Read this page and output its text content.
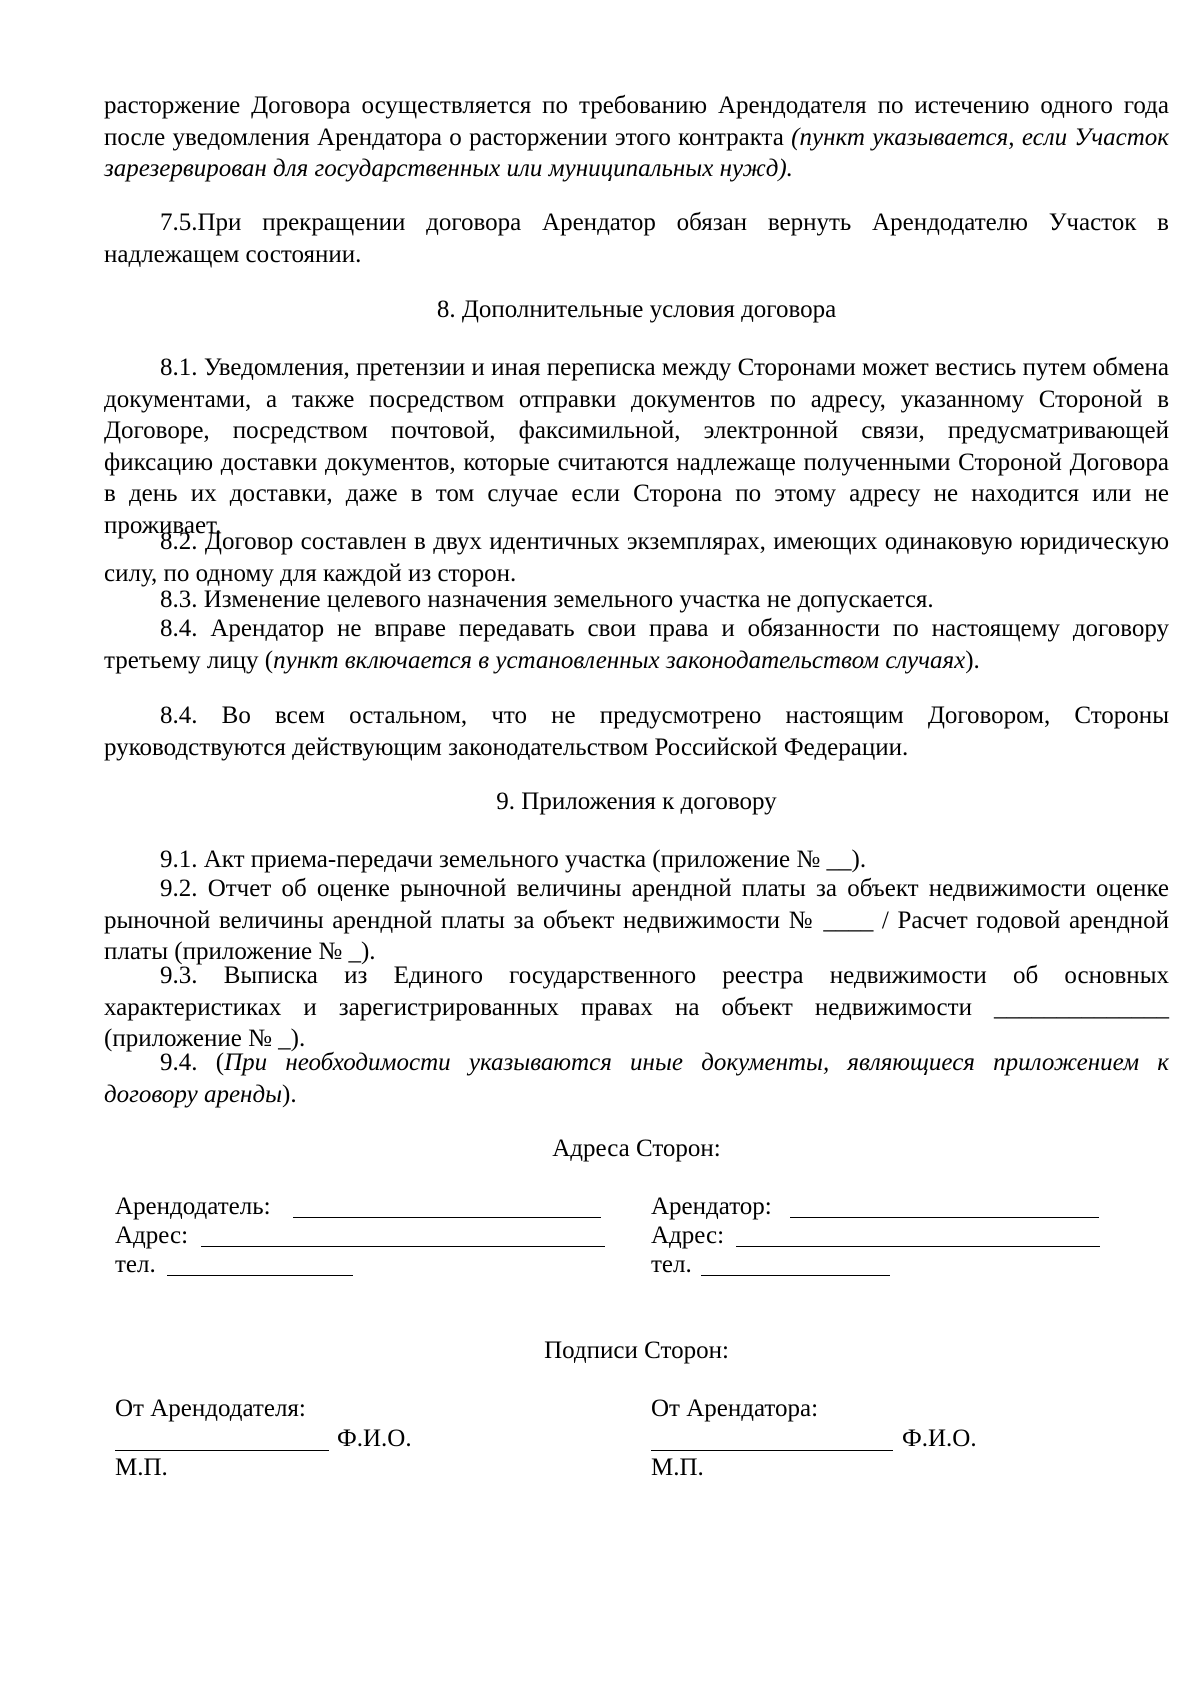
расторжение Договора осуществляется по требованию Арендодателя по истечению одного года после уведомления Арендатора о расторжении этого контракта (пункт указывается, если Участок зарезервирован для государственных или муниципальных нужд).

7.5.При прекращении договора Арендатор обязан вернуть Арендодателю Участок в надлежащем состоянии.

8. Дополнительные условия договора

8.1. Уведомления, претензии и иная переписка между Сторонами может вестись путем обмена документами, а также посредством отправки документов по адресу, указанному Стороной в Договоре, посредством почтовой, факсимильной, электронной связи, предусматривающей фиксацию доставки документов, которые считаются надлежаще полученными Стороной Договора в день их доставки, даже в том случае если Сторона по этому адресу не находится или не проживает.

8.2. Договор составлен в двух идентичных экземплярах, имеющих одинаковую юридическую силу, по одному для каждой из сторон.

8.3. Изменение целевого назначения земельного участка не допускается.

8.4. Арендатор не вправе передавать свои права и обязанности по настоящему договору третьему лицу (пункт включается в установленных законодательством случаях).

8.4. Во всем остальном, что не предусмотрено настоящим Договором, Стороны руководствуются действующим законодательством Российской Федерации.

9. Приложения к договору

9.1. Акт приема-передачи земельного участка (приложение № __).

9.2. Отчет об оценке рыночной величины арендной платы за объект недвижимости оценке рыночной величины арендной платы за объект недвижимости № ____ / Расчет годовой арендной платы (приложение № _).

9.3. Выписка из Единого государственного реестра недвижимости об основных характеристиках и зарегистрированных правах на объект недвижимости ______________ (приложение № _).

9.4. (При необходимости указываются иные документы, являющиеся приложением к договору аренды).

Адреса Сторон:

Арендодатель:
Адрес:
тел.
Арендатор:
Адрес:
тел.

Подписи Сторон:

От Арендодателя:
Ф.И.О.
М.П.
От Арендатора:
Ф.И.О.
М.П.
